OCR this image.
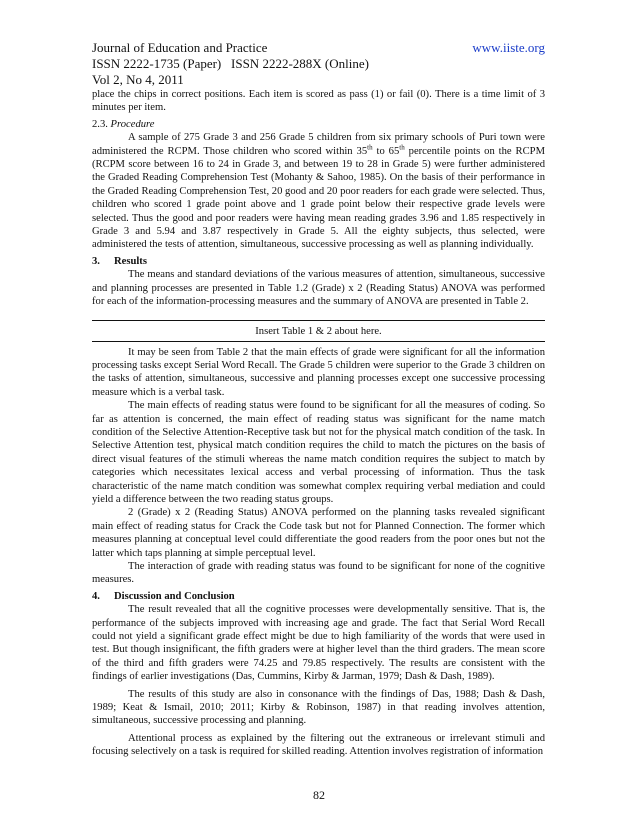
Journal of Education and Practice	www.iiste.org
ISSN 2222-1735 (Paper)   ISSN 2222-288X (Online)
Vol 2, No 4, 2011

place the chips in correct positions. Each item is scored as pass (1) or fail (0). There is a time limit of 3 minutes per item.

2.3. Procedure

A sample of 275 Grade 3 and 256 Grade 5 children from six primary schools of Puri town were administered the RCPM. Those children who scored within 35th to 65th percentile points on the RCPM (RCPM score between 16 to 24 in Grade 3, and between 19 to 28 in Grade 5) were further administered the Graded Reading Comprehension Test (Mohanty & Sahoo, 1985). On the basis of their performance in the Graded Reading Comprehension Test, 20 good and 20 poor readers for each grade were selected. Thus, children who scored 1 grade point above and 1 grade point below their respective grade levels were selected. Thus the good and poor readers were having mean reading grades 3.96 and 1.85 respectively in Grade 3 and 5.94 and 3.87 respectively in Grade 5. All the eighty subjects, thus selected, were administered the tests of attention, simultaneous, successive processing as well as planning individually.

3. Results

The means and standard deviations of the various measures of attention, simultaneous, successive and planning processes are presented in Table 1.2 (Grade) x 2 (Reading Status) ANOVA was performed for each of the information-processing measures and the summary of ANOVA are presented in Table 2.

Insert Table 1 & 2 about here.

It may be seen from Table 2 that the main effects of grade were significant for all the information processing tasks except Serial Word Recall. The Grade 5 children were superior to the Grade 3 children on the tasks of attention, simultaneous, successive and planning processes except one successive processing measure which is a verbal task.

The main effects of reading status were found to be significant for all the measures of coding. So far as attention is concerned, the main effect of reading status was significant for the name match condition of the Selective Attention-Receptive task but not for the physical match condition of the task. In Selective Attention test, physical match condition requires the child to match the pictures on the basis of direct visual features of the stimuli whereas the name match condition requires the subject to match by categories which necessitates lexical access and verbal processing of information. Thus the task characteristic of the name match condition was somewhat complex requiring verbal mediation and could yield a difference between the two reading status groups.

2 (Grade) x 2 (Reading Status) ANOVA performed on the planning tasks revealed significant main effect of reading status for Crack the Code task but not for Planned Connection. The former which measures planning at conceptual level could differentiate the good readers from the poor ones but not the latter which taps planning at simple perceptual level.

The interaction of grade with reading status was found to be significant for none of the cognitive measures.

4. Discussion and Conclusion

The result revealed that all the cognitive processes were developmentally sensitive. That is, the performance of the subjects improved with increasing age and grade. The fact that Serial Word Recall could not yield a significant grade effect might be due to high familiarity of the words that were used in test. But though insignificant, the fifth graders were at higher level than the third graders. The mean score of the third and fifth graders were 74.25 and 79.85 respectively. The results are consistent with the findings of earlier investigations (Das, Cummins, Kirby & Jarman, 1979; Dash & Dash, 1989).

The results of this study are also in consonance with the findings of Das, 1988; Dash & Dash, 1989; Keat & Ismail, 2010; 2011; Kirby & Robinson, 1987) in that reading involves attention, simultaneous, successive processing and planning.

Attentional process as explained by the filtering out the extraneous or irrelevant stimuli and focusing selectively on a task is required for skilled reading. Attention involves registration of information

82
